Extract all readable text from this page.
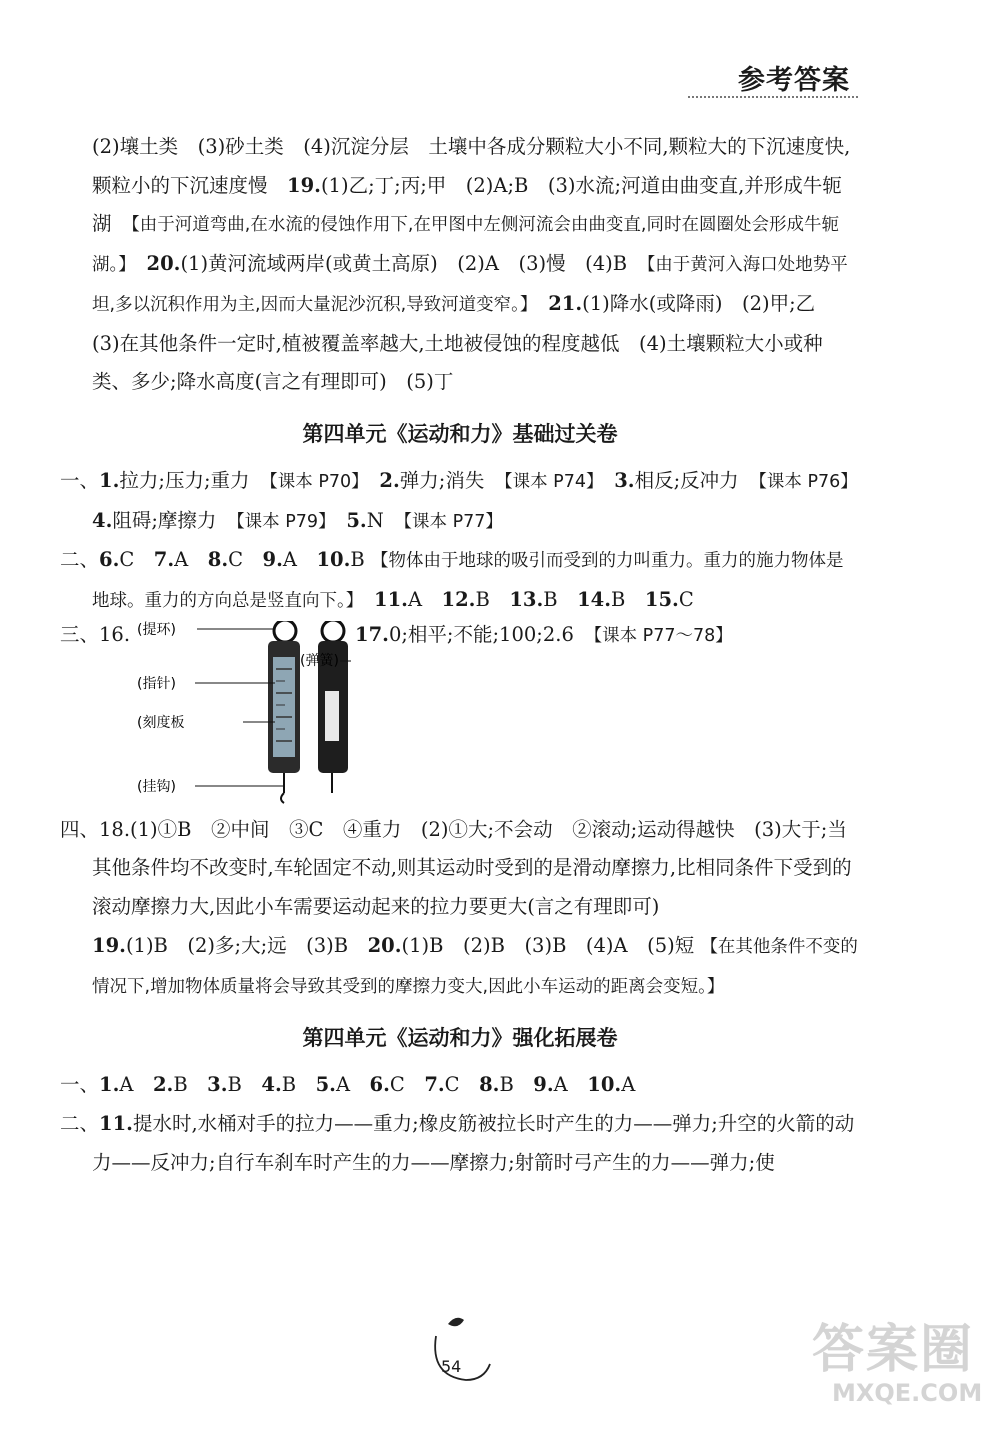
参考答案
(2)壤土类　(3)砂土类　(4)沉淀分层　土壤中各成分颗粒大小不同,颗粒大的下沉速度快,颗粒小的下沉速度慢　19.(1)乙;丁;丙;甲　(2)A;B　(3)水流;河道由曲变直,并形成牛轭湖　【由于河道弯曲,在水流的侵蚀作用下,在甲图中左侧河流会由曲变直,同时在圆圈处会形成牛轭湖。】　20.(1)黄河流域两岸(或黄土高原)　(2)A　(3)慢　(4)B　【由于黄河入海口处地势平坦,多以沉积作用为主,因而大量泥沙沉积,导致河道变窄。】　21.(1)降水(或降雨)　(2)甲;乙　(3)在其他条件一定时,植被覆盖率越大,土地被侵蚀的程度越低　(4)土壤颗粒大小或种类、多少;降水高度(言之有理即可)　(5)丁
第四单元《运动和力》基础过关卷
一、1.拉力;压力;重力　【课本 P70】　2.弹力;消失　【课本 P74】　3.相反;反冲力　【课本 P76】　4.阻碍;摩擦力　【课本 P79】　5.N　【课本 P77】
二、6.C　7.A　8.C　9.A　10.B 【物体由于地球的吸引而受到的力叫重力。重力的施力物体是地球。重力的方向总是竖直向下。】　11.A　12.B　13.B　14.B　15.C
三、16. (提环)
(指针)
(刻度板
(挂钩)
(弹簧)
17.0;相平;不能;100;2.6　【课本 P77～78】
四、18.(1)①B　②中间　③C　④重力　(2)①大;不会动　②滚动;运动得越快　(3)大于;当其他条件均不改变时,车轮固定不动,则其运动时受到的是滑动摩擦力,比相同条件下受到的滚动摩擦力大,因此小车需要运动起来的拉力要更大(言之有理即可)
19.(1)B　(2)多;大;远　(3)B　20.(1)B　(2)B　(3)B　(4)A　(5)短 【在其他条件不变的情况下,增加物体质量将会导致其受到的摩擦力变大,因此小车运动的距离会变短。】
第四单元《运动和力》强化拓展卷
一、1.A　2.B　3.B　4.B　5.A　6.C　7.C　8.B　9.A　10.A
二、11.提水时,水桶对手的拉力——重力;橡皮筋被拉长时产生的力——弹力;升空的火箭的动力——反冲力;自行车刹车时产生的力——摩擦力;射箭时弓产生的力——弹力;使
54	答案圈
MXQE.COM
